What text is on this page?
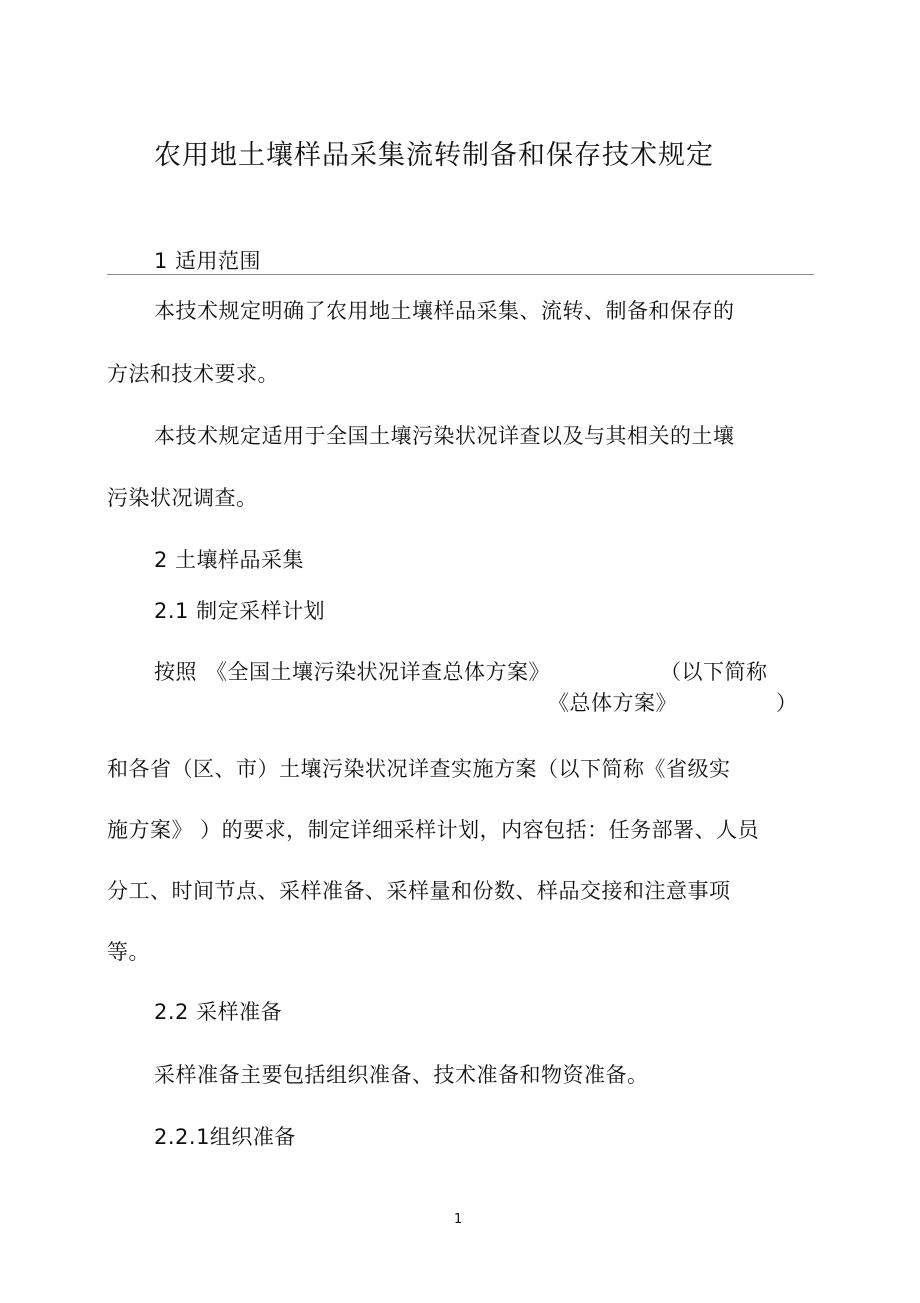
农用地土壤样品采集流转制备和保存技术规定
1 适用范围
本技术规定明确了农用地土壤样品采集、流转、制备和保存的
方法和技术要求。
本技术规定适用于全国土壤污染状况详查以及与其相关的土壤
污染状况调查。
2 土壤样品采集
2.1 制定采样计划
按照 《全国土壤污染状况详查总体方案》	（以下简称
《总体方案》	）
和各省（区、市）土壤污染状况详查实施方案（以下简称《省级实
施方案》 ）的要求，制定详细采样计划，内容包括：任务部署、人员
分工、时间节点、采样准备、采样量和份数、样品交接和注意事项
等。
2.2 采样准备
采样准备主要包括组织准备、技术准备和物资准备。
2.2.1组织准备
1
